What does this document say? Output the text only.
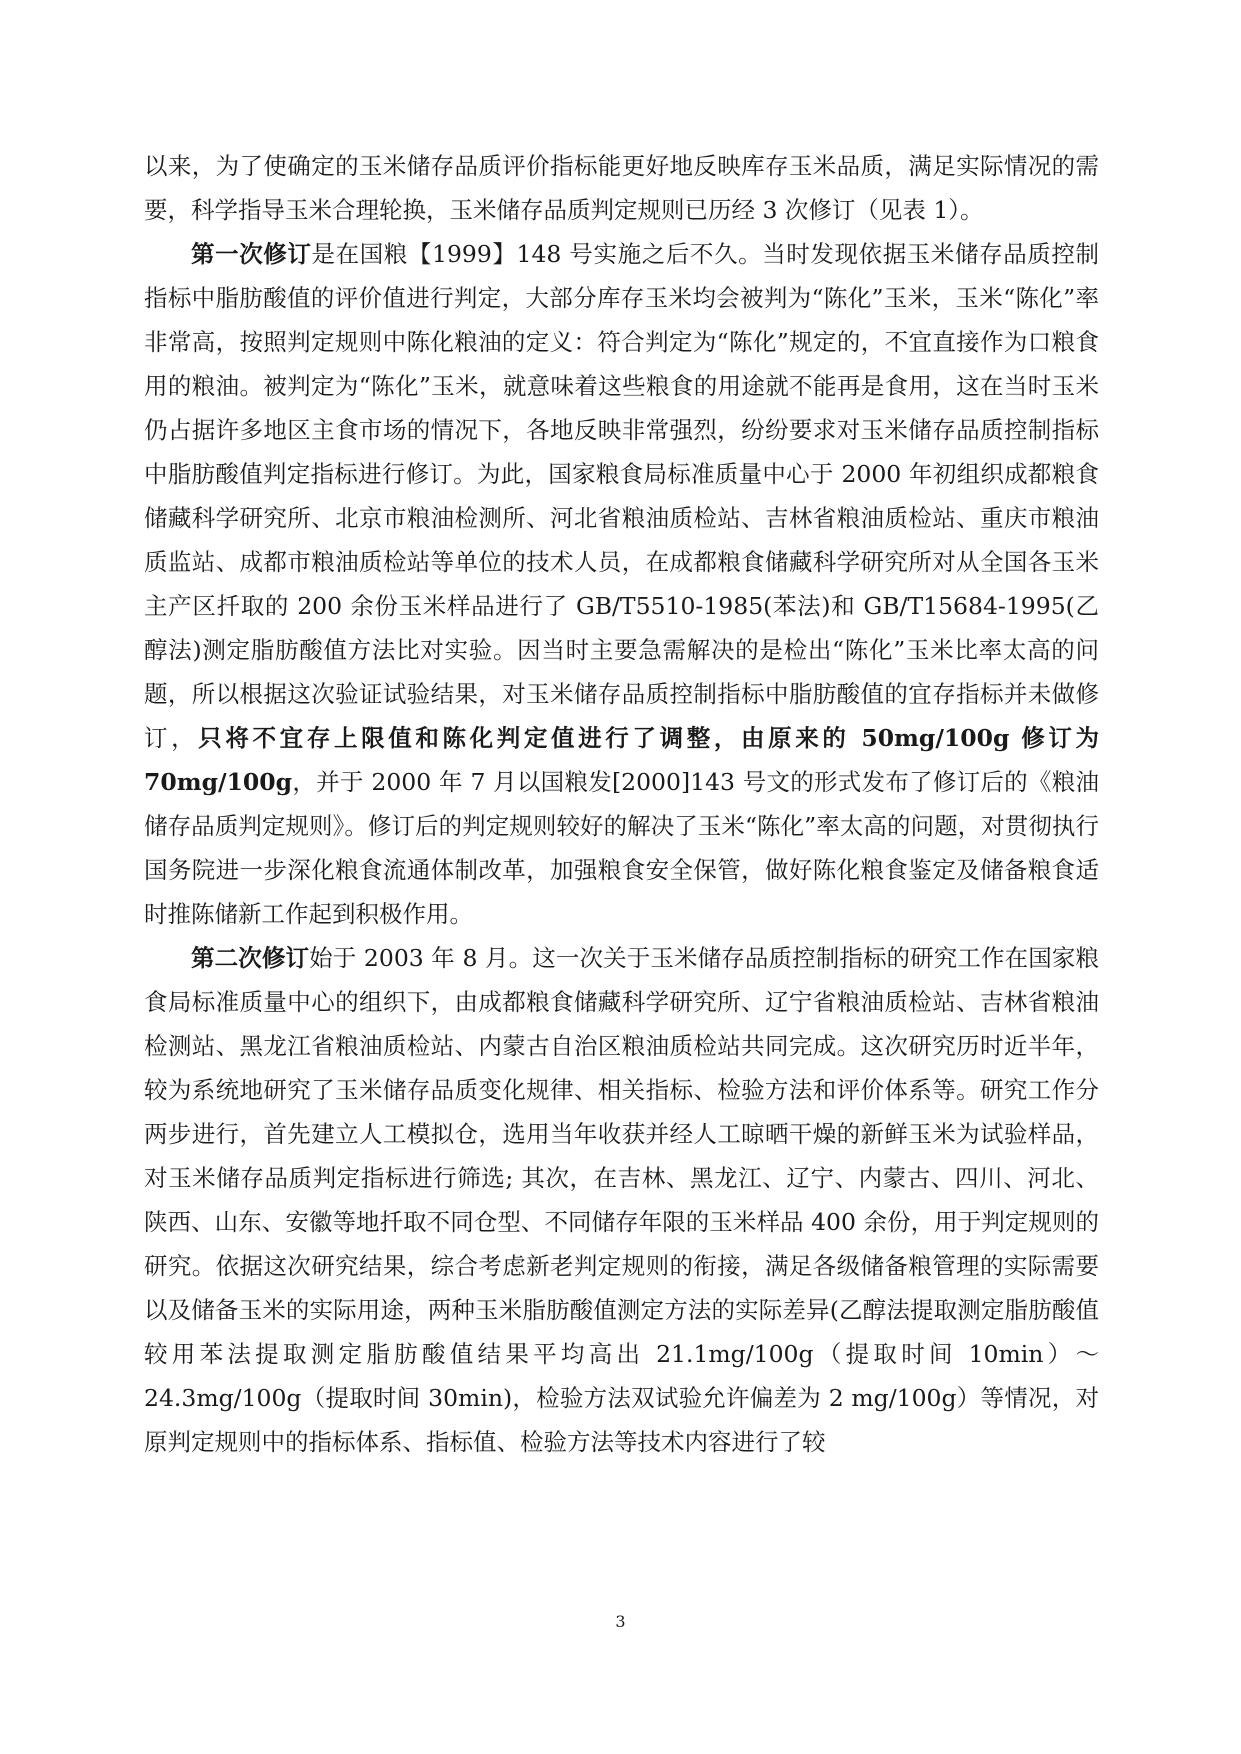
以来，为了使确定的玉米储存品质评价指标能更好地反映库存玉米品质，满足实际情况的需要，科学指导玉米合理轮换，玉米储存品质判定规则已历经 3 次修订（见表 1）。

第一次修订是在国粮【1999】148 号实施之后不久。当时发现依据玉米储存品质控制指标中脂肪酸值的评价值进行判定，大部分库存玉米均会被判为“陈化”玉米，玉米“陈化”率非常高，按照判定规则中陈化粮油的定义：符合判定为“陈化”规定的，不宜直接作为口粮食用的粮油。被判定为“陈化”玉米，就意味着这些粮食的用途就不能再是食用，这在当时玉米仍占据许多地区主食市场的情况下，各地反映非常强烈，纷纷要求对玉米储存品质控制指标中脂肪酸值判定指标进行修订。为此，国家粮食局标准质量中心于 2000 年初组织成都粮食储藏科学研究所、北京市粮油检测所、河北省粮油质检站、吉林省粮油质检站、重庆市粮油质监站、成都市粮油质检站等单位的技术人员，在成都粮食储藏科学研究所对从全国各玉米主产区扦取的 200 余份玉米样品进行了 GB/T5510-1985(苯法)和 GB/T15684-1995(乙醇法)测定脂肪酸值方法比对实验。因当时主要急需解决的是检出“陈化”玉米比率太高的问题，所以根据这次验证试验结果，对玉米储存品质控制指标中脂肪酸值的宜存指标并未做修订，只将不宜存上限值和陈化判定值进行了调整，由原来的 50mg/100g 修订为 70mg/100g，并于 2000 年 7 月以国粮发[2000]143 号文的形式发布了修订后的《粮油储存品质判定规则》。修订后的判定规则较好的解决了玉米“陈化”率太高的问题，对贯彻执行国务院进一步深化粮食流通体制改革，加强粮食安全保管，做好陈化粮食鉴定及储备粮食适时推陈储新工作起到积极作用。

第二次修订始于 2003 年 8 月。这一次关于玉米储存品质控制指标的研究工作在国家粮食局标准质量中心的组织下，由成都粮食储藏科学研究所、辽宁省粮油质检站、吉林省粮油检测站、黑龙江省粮油质检站、内蒙古自治区粮油质检站共同完成。这次研究历时近半年，较为系统地研究了玉米储存品质变化规律、相关指标、检验方法和评价体系等。研究工作分两步进行，首先建立人工模拟仓，选用当年收获并经人工晾晒干燥的新鲜玉米为试验样品，对玉米储存品质判定指标进行筛选; 其次，在吉林、黑龙江、辽宁、内蒙古、四川、河北、陕西、山东、安徽等地扦取不同仓型、不同储存年限的玉米样品 400 余份，用于判定规则的研究。依据这次研究结果，综合考虑新老判定规则的衔接，满足各级储备粮管理的实际需要以及储备玉米的实际用途，两种玉米脂肪酸值测定方法的实际差异(乙醇法提取测定脂肪酸值较用苯法提取测定脂肪酸值结果平均高出 21.1mg/100g（提取时间 10min）～24.3mg/100g（提取时间 30min)，检验方法双试验允许偏差为 2 mg/100g）等情况，对原判定规则中的指标体系、指标值、检验方法等技术内容进行了较

3
